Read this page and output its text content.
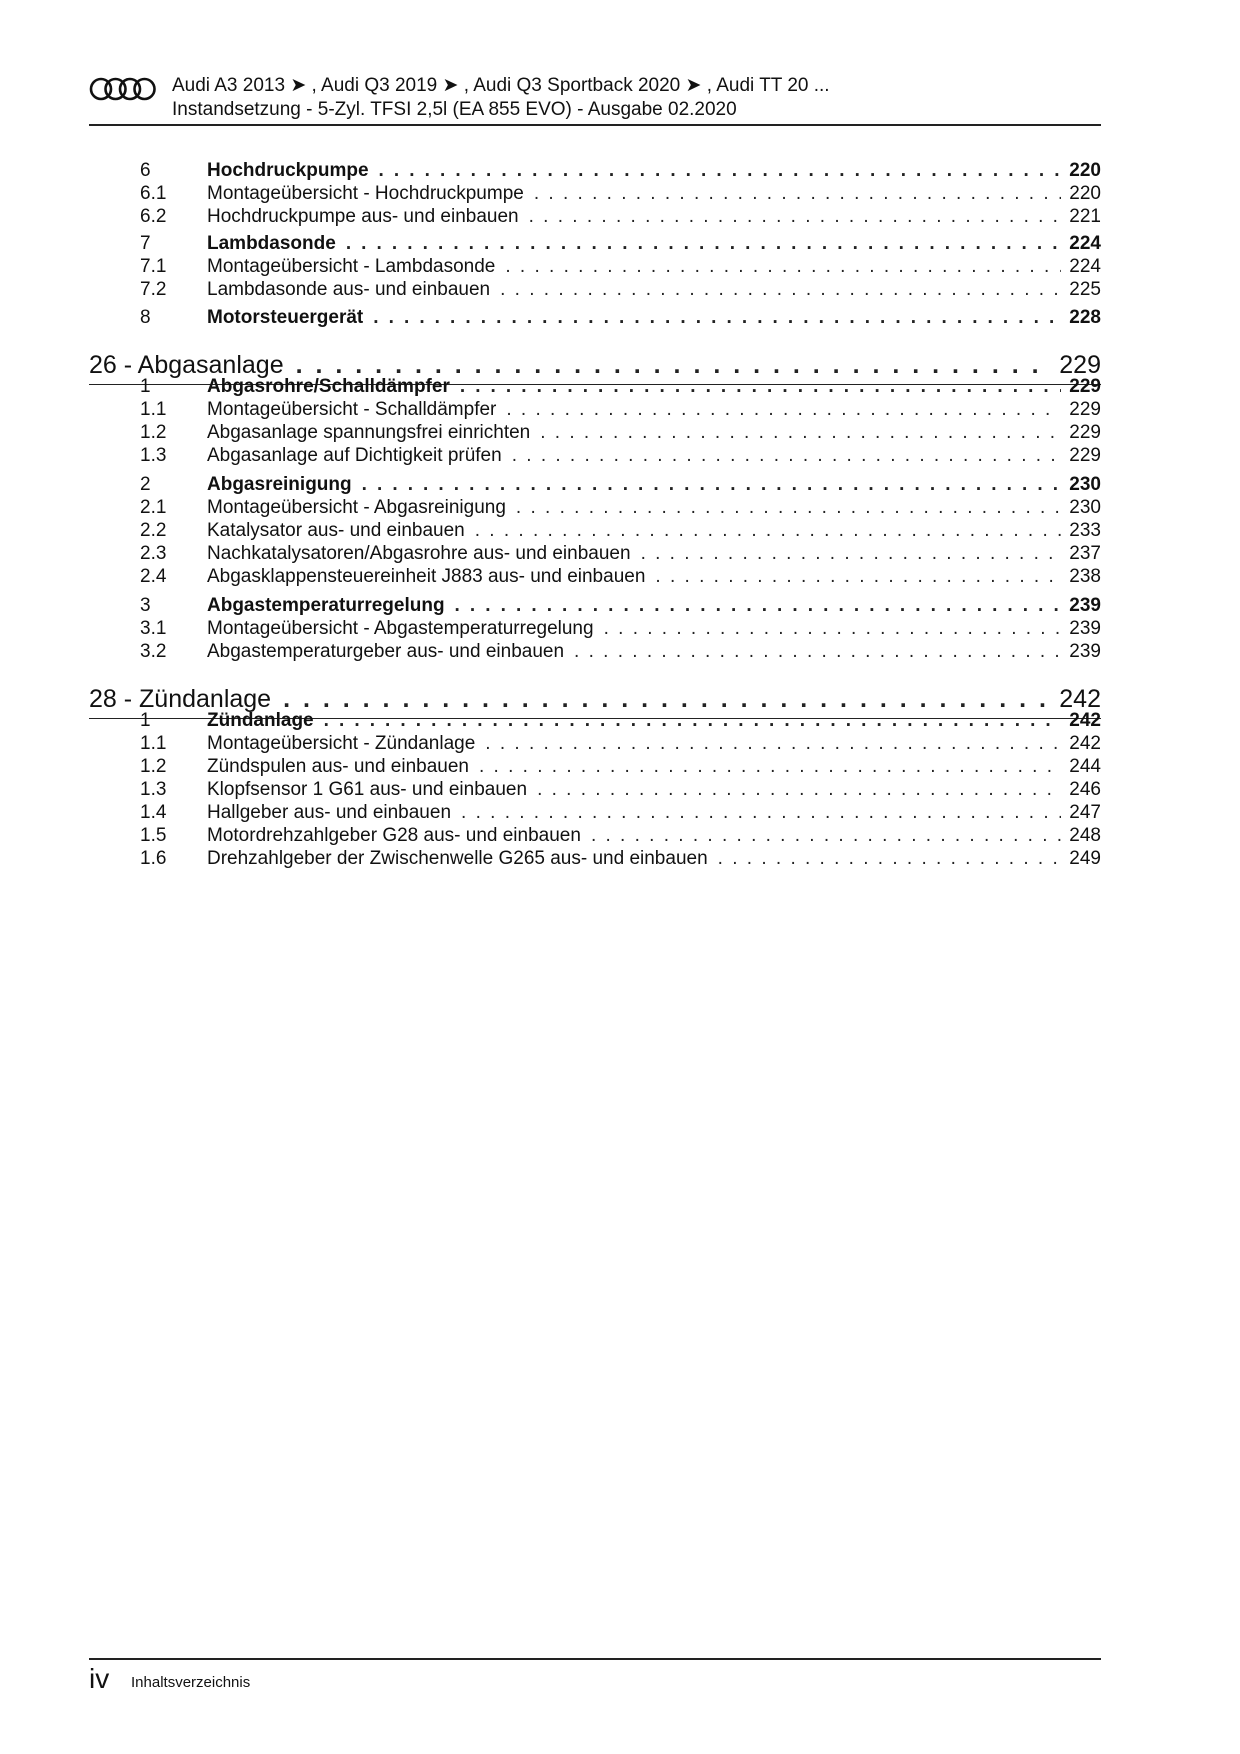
Audi A3 2013 ➤ , Audi Q3 2019 ➤ , Audi Q3 Sportback 2020 ➤ , Audi TT 20 ...
Instandsetzung - 5-Zyl. TFSI 2,5l (EA 855 EVO) - Ausgabe 02.2020
6	Hochdruckpumpe . . .	220
6.1	Montageübersicht - Hochdruckpumpe . . .	220
6.2	Hochdruckpumpe aus- und einbauen . . .	221
7	Lambdasonde . . .	224
7.1	Montageübersicht - Lambdasonde . . .	224
7.2	Lambdasonde aus- und einbauen . . .	225
8	Motorsteuergerät . . .	228
26 - Abgasanlage . . .	229
1	Abgasrohre/Schalldämpfer . . .	229
1.1	Montageübersicht - Schalldämpfer . . .	229
1.2	Abgasanlage spannungsfrei einrichten . . .	229
1.3	Abgasanlage auf Dichtigkeit prüfen . . .	229
2	Abgasreinigung . . .	230
2.1	Montageübersicht - Abgasreinigung . . .	230
2.2	Katalysator aus- und einbauen . . .	233
2.3	Nachkatalysatoren/Abgasrohre aus- und einbauen . . .	237
2.4	Abgasklappensteuereinheit J883 aus- und einbauen . . .	238
3	Abgastemperaturregelung . . .	239
3.1	Montageübersicht - Abgastemperaturregelung . . .	239
3.2	Abgastemperaturgeber aus- und einbauen . . .	239
28 - Zündanlage . . .	242
1	Zündanlage . . .	242
1.1	Montageübersicht - Zündanlage . . .	242
1.2	Zündspulen aus- und einbauen . . .	244
1.3	Klopfsensor 1 G61 aus- und einbauen . . .	246
1.4	Hallgeber aus- und einbauen . . .	247
1.5	Motordrehzahlgeber G28 aus- und einbauen . . .	248
1.6	Drehzahlgeber der Zwischenwelle G265 aus- und einbauen . . .	249
iv Inhaltsverzeichnis
